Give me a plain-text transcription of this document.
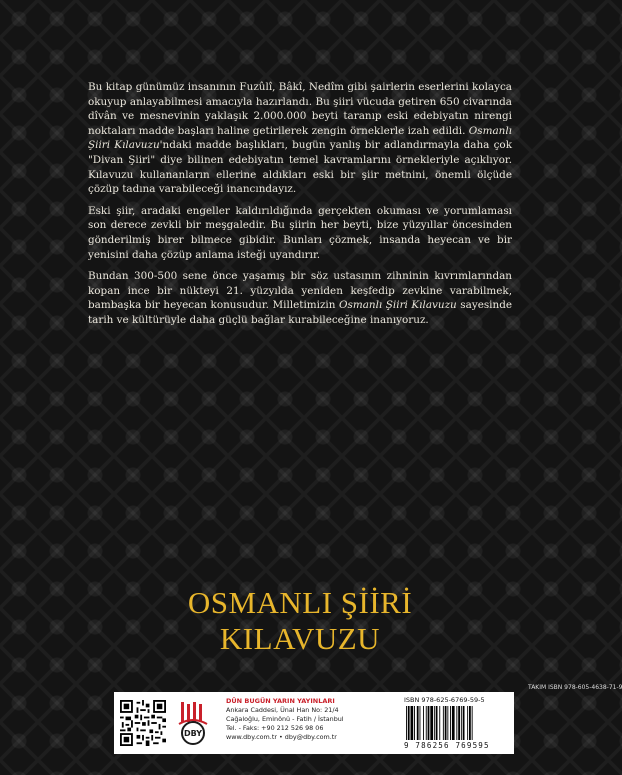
Bu kitap günümüz insanının Fuzûlî, Bâkî, Nedîm gibi şairlerin eserlerini kolayca okuyup anlayabilmesi amacıyla hazırlandı. Bu şiiri vücuda getiren 650 civarında dîvân ve mesnevinin yaklaşık 2.000.000 beyti taranıp eski edebiyatın nirengi noktaları madde başları haline getirilerek zengin örneklerle izah edildi. Osmanlı Şiiri Kılavuzu'ndaki madde başlıkları, bugün yanlış bir adlandırmayla daha çok "Divan Şiiri" diye bilinen edebiyatın temel kavramlarını örnekleriyle açıklıyor. Kılavuzu kullananların ellerine aldıkları eski bir şiir metnini, önemli ölçüde çözüp tadına varabileceği inancındayız.

Eski şiir, aradaki engeller kaldırıldığında gerçekten okuması ve yorumlaması son derece zevkli bir meşgaledir. Bu şiirin her beyti, bize yüzyıllar öncesinden gönderilmiş birer bilmece gibidir. Bunları çözmek, insanda heyecan ve bir yenisini daha çözüp anlama isteği uyandırır.

Bundan 300-500 sene önce yaşamış bir söz ustasının zihninin kıvrımlarından kopan ince bir nükteyi 21. yüzyılda yeniden keşfedip zevkine varabilmek, bambaşka bir heyecan konusudur. Milletimizin Osmanlı Şiiri Kılavuzu sayesinde tarih ve kültürüyle daha güçlü bağlar kurabileceğine inanıyoruz.

OSMANLI ŞİİRİ
KILAVUZU
TAKIM ISBN 978-605-4638-71-9
DBY
DÜN BUGÜN YARIN YAYINLARI
Ankara Caddesi, Ünal Han No: 21/4
Cağaloğlu, Eminönü - Fatih / İstanbul
Tel. - Faks: +90 212 526 98 06
www.dby.com.tr • dby@dby.com.tr
ISBN 978-625-6769-59-5
9 786256 769595
